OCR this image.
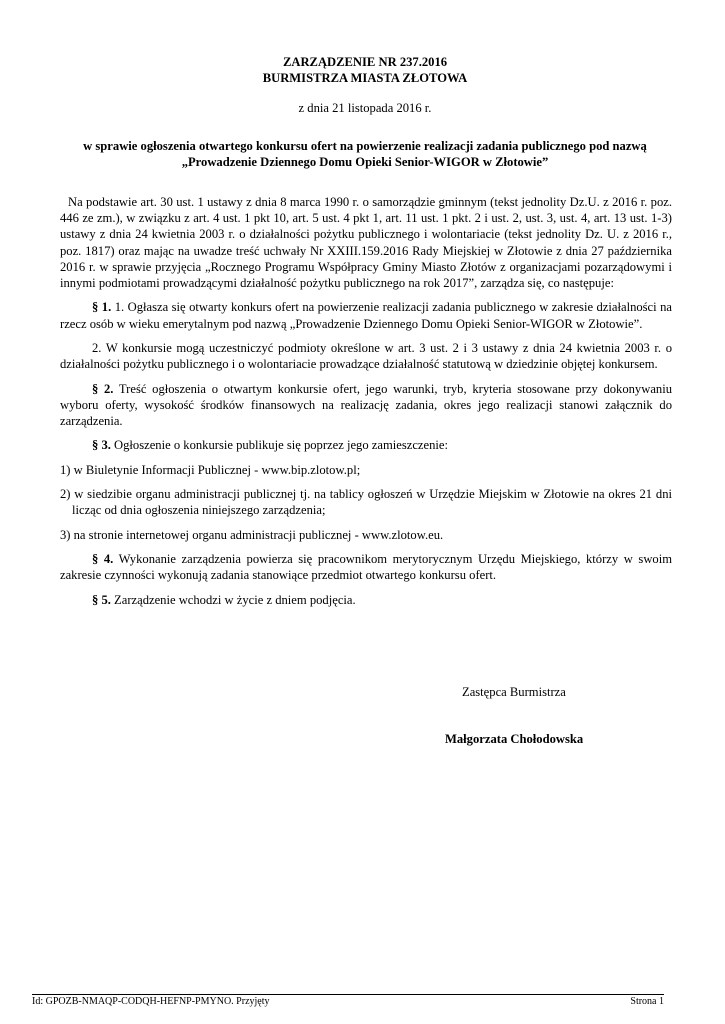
ZARZĄDZENIE NR 237.2016
BURMISTRZA MIASTA ZŁOTOWA
z dnia 21 listopada 2016 r.
w sprawie ogłoszenia otwartego konkursu ofert na powierzenie realizacji zadania publicznego pod nazwą
„Prowadzenie Dziennego Domu Opieki Senior-WIGOR w Złotowie”

Na podstawie art. 30 ust. 1 ustawy z dnia 8 marca 1990 r. o samorządzie gminnym (tekst jednolity Dz.U. z 2016 r. poz. 446 ze zm.), w związku z art. 4 ust. 1 pkt 10, art. 5 ust. 4 pkt 1, art. 11 ust. 1 pkt. 2 i ust. 2, ust. 3, ust. 4, art. 13 ust. 1-3) ustawy z dnia 24 kwietnia 2003 r. o działalności pożytku publicznego i wolontariacie (tekst jednolity Dz. U. z 2016 r., poz. 1817) oraz mając na uwadze treść uchwały Nr XXIII.159.2016 Rady Miejskiej w Złotowie z dnia 27 października 2016 r. w sprawie przyjęcia „Rocznego Programu Współpracy Gminy Miasto Złotów z organizacjami pozarządowymi i innymi podmiotami prowadzącymi działalność pożytku publicznego na rok 2017”, zarządza się, co następuje:

§ 1. 1. Ogłasza się otwarty konkurs ofert na powierzenie realizacji zadania publicznego w zakresie działalności na rzecz osób w wieku emerytalnym pod nazwą „Prowadzenie Dziennego Domu Opieki Senior-WIGOR w Złotowie”.

2. W konkursie mogą uczestniczyć podmioty określone w art. 3 ust. 2 i 3 ustawy z dnia 24 kwietnia 2003 r. o działalności pożytku publicznego i o wolontariacie prowadzące działalność statutową w dziedzinie objętej konkursem.

§ 2. Treść ogłoszenia o otwartym konkursie ofert, jego warunki, tryb, kryteria stosowane przy dokonywaniu wyboru oferty, wysokość środków finansowych na realizację zadania, okres jego realizacji stanowi załącznik do zarządzenia.

§ 3. Ogłoszenie o konkursie publikuje się poprzez jego zamieszczenie:

1) w Biuletynie Informacji Publicznej - www.bip.zlotow.pl;

2) w siedzibie organu administracji publicznej tj. na tablicy ogłoszeń w Urzędzie Miejskim w Złotowie na okres 21 dni licząc od dnia ogłoszenia niniejszego zarządzenia;

3) na stronie internetowej organu administracji publicznej - www.zlotow.eu.

§ 4. Wykonanie zarządzenia powierza się pracownikom merytorycznym Urzędu Miejskiego, którzy w swoim zakresie czynności wykonują zadania stanowiące przedmiot otwartego konkursu ofert.

§ 5. Zarządzenie wchodzi w życie z dniem podjęcia.

Zastępca Burmistrza
Małgorzata Chołodowska
Id: GPOZB-NMAQP-CODQH-HEFNP-PMYNO. Przyjęty	Strona 1
